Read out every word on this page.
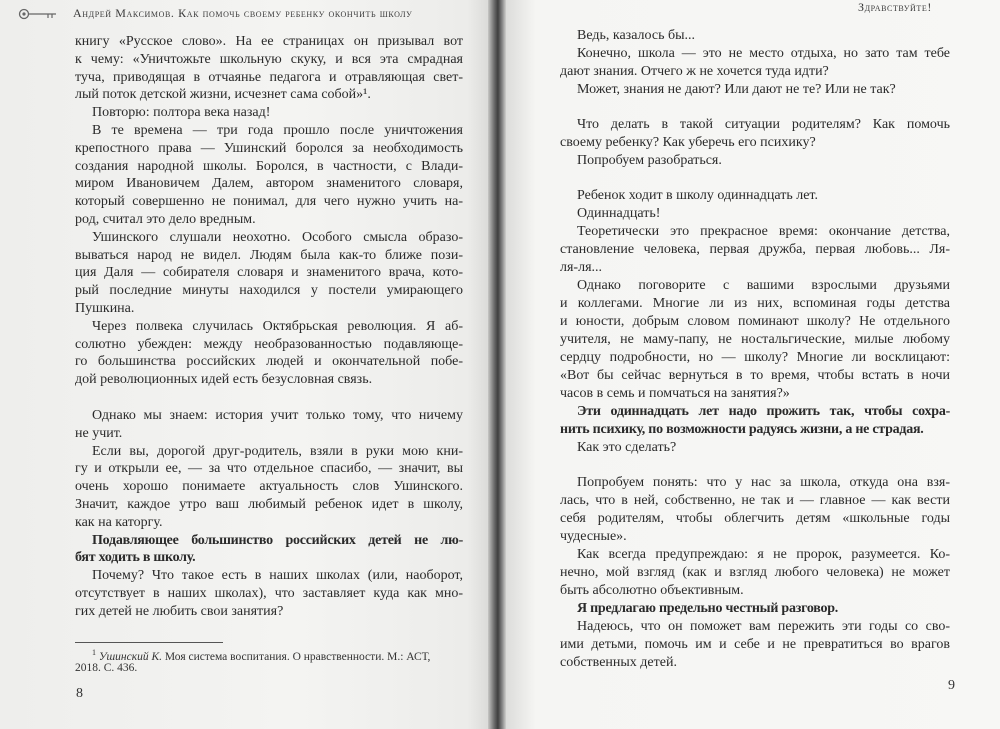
Андрей Максимов. Как помочь своему ребенку окончить школу
книгу «Русское слово». На ее страницах он призывал вот
к чему: «Уничтожьте школьную скуку, и вся эта смрадная
туча, приводящая в отчаянье педагога и отравляющая свет-
лый поток детской жизни, исчезнет сама собой»¹.
Повторю: полтора века назад!
В те времена — три года прошло после уничтожения
крепостного права — Ушинский боролся за необходимость
создания народной школы. Боролся, в частности, с Влади-
миром Ивановичем Далем, автором знаменитого словаря,
который совершенно не понимал, для чего нужно учить на-
род, считал это дело вредным.
Ушинского слушали неохотно. Особого смысла образо-
вываться народ не видел. Людям была как-то ближе пози-
ция Даля — собирателя словаря и знаменитого врача, кото-
рый последние минуты находился у постели умирающего
Пушкина.
Через полвека случилась Октябрьская революция. Я аб-
солютно убежден: между необразованностью подавляюще-
го большинства российских людей и окончательной побе-
дой революционных идей есть безусловная связь.
Однако мы знаем: история учит только тому, что ничему
не учит.
Если вы, дорогой друг-родитель, взяли в руки мою кни-
гу и открыли ее, — за что отдельное спасибо, — значит, вы
очень хорошо понимаете актуальность слов Ушинского.
Значит, каждое утро ваш любимый ребенок идет в школу,
как на каторгу.
Подавляющее большинство российских детей не лю-
бят ходить в школу.
Почему? Что такое есть в наших школах (или, наоборот,
отсутствует в наших школах), что заставляет куда как мно-
гих детей не любить свои занятия?
$^1$ Ушинский К. Моя система воспитания. О нравственности. М.: АСТ,
2018. С. 436.
8
Здравствуйте!
Ведь, казалось бы...
Конечно, школа — это не место отдыха, но зато там тебе
дают знания. Отчего ж не хочется туда идти?
Может, знания не дают? Или дают не те? Или не так?
Что делать в такой ситуации родителям? Как помочь
своему ребенку? Как уберечь его психику?
Попробуем разобраться.
Ребенок ходит в школу одиннадцать лет.
Одиннадцать!
Теоретически это прекрасное время: окончание детства,
становление человека, первая дружба, первая любовь... Ля-
ля-ля...
Однако поговорите с вашими взрослыми друзьями
и коллегами. Многие ли из них, вспоминая годы детства
и юности, добрым словом поминают школу? Не отдельного
учителя, не маму-папу, не ностальгические, милые любому
сердцу подробности, но — школу? Многие ли восклицают:
«Вот бы сейчас вернуться в то время, чтобы встать в ночи
часов в семь и помчаться на занятия?»
Эти одиннадцать лет надо прожить так, чтобы сохра-
нить психику, по возможности радуясь жизни, а не страдая.
Как это сделать?
Попробуем понять: что у нас за школа, откуда она взя-
лась, что в ней, собственно, не так и — главное — как вести
себя родителям, чтобы облегчить детям «школьные годы
чудесные».
Как всегда предупреждаю: я не пророк, разумеется. Ко-
нечно, мой взгляд (как и взгляд любого человека) не может
быть абсолютно объективным.
Я предлагаю предельно честный разговор.
Надеюсь, что он поможет вам пережить эти годы со сво-
ими детьми, помочь им и себе и не превратиться во врагов
собственных детей.
9
